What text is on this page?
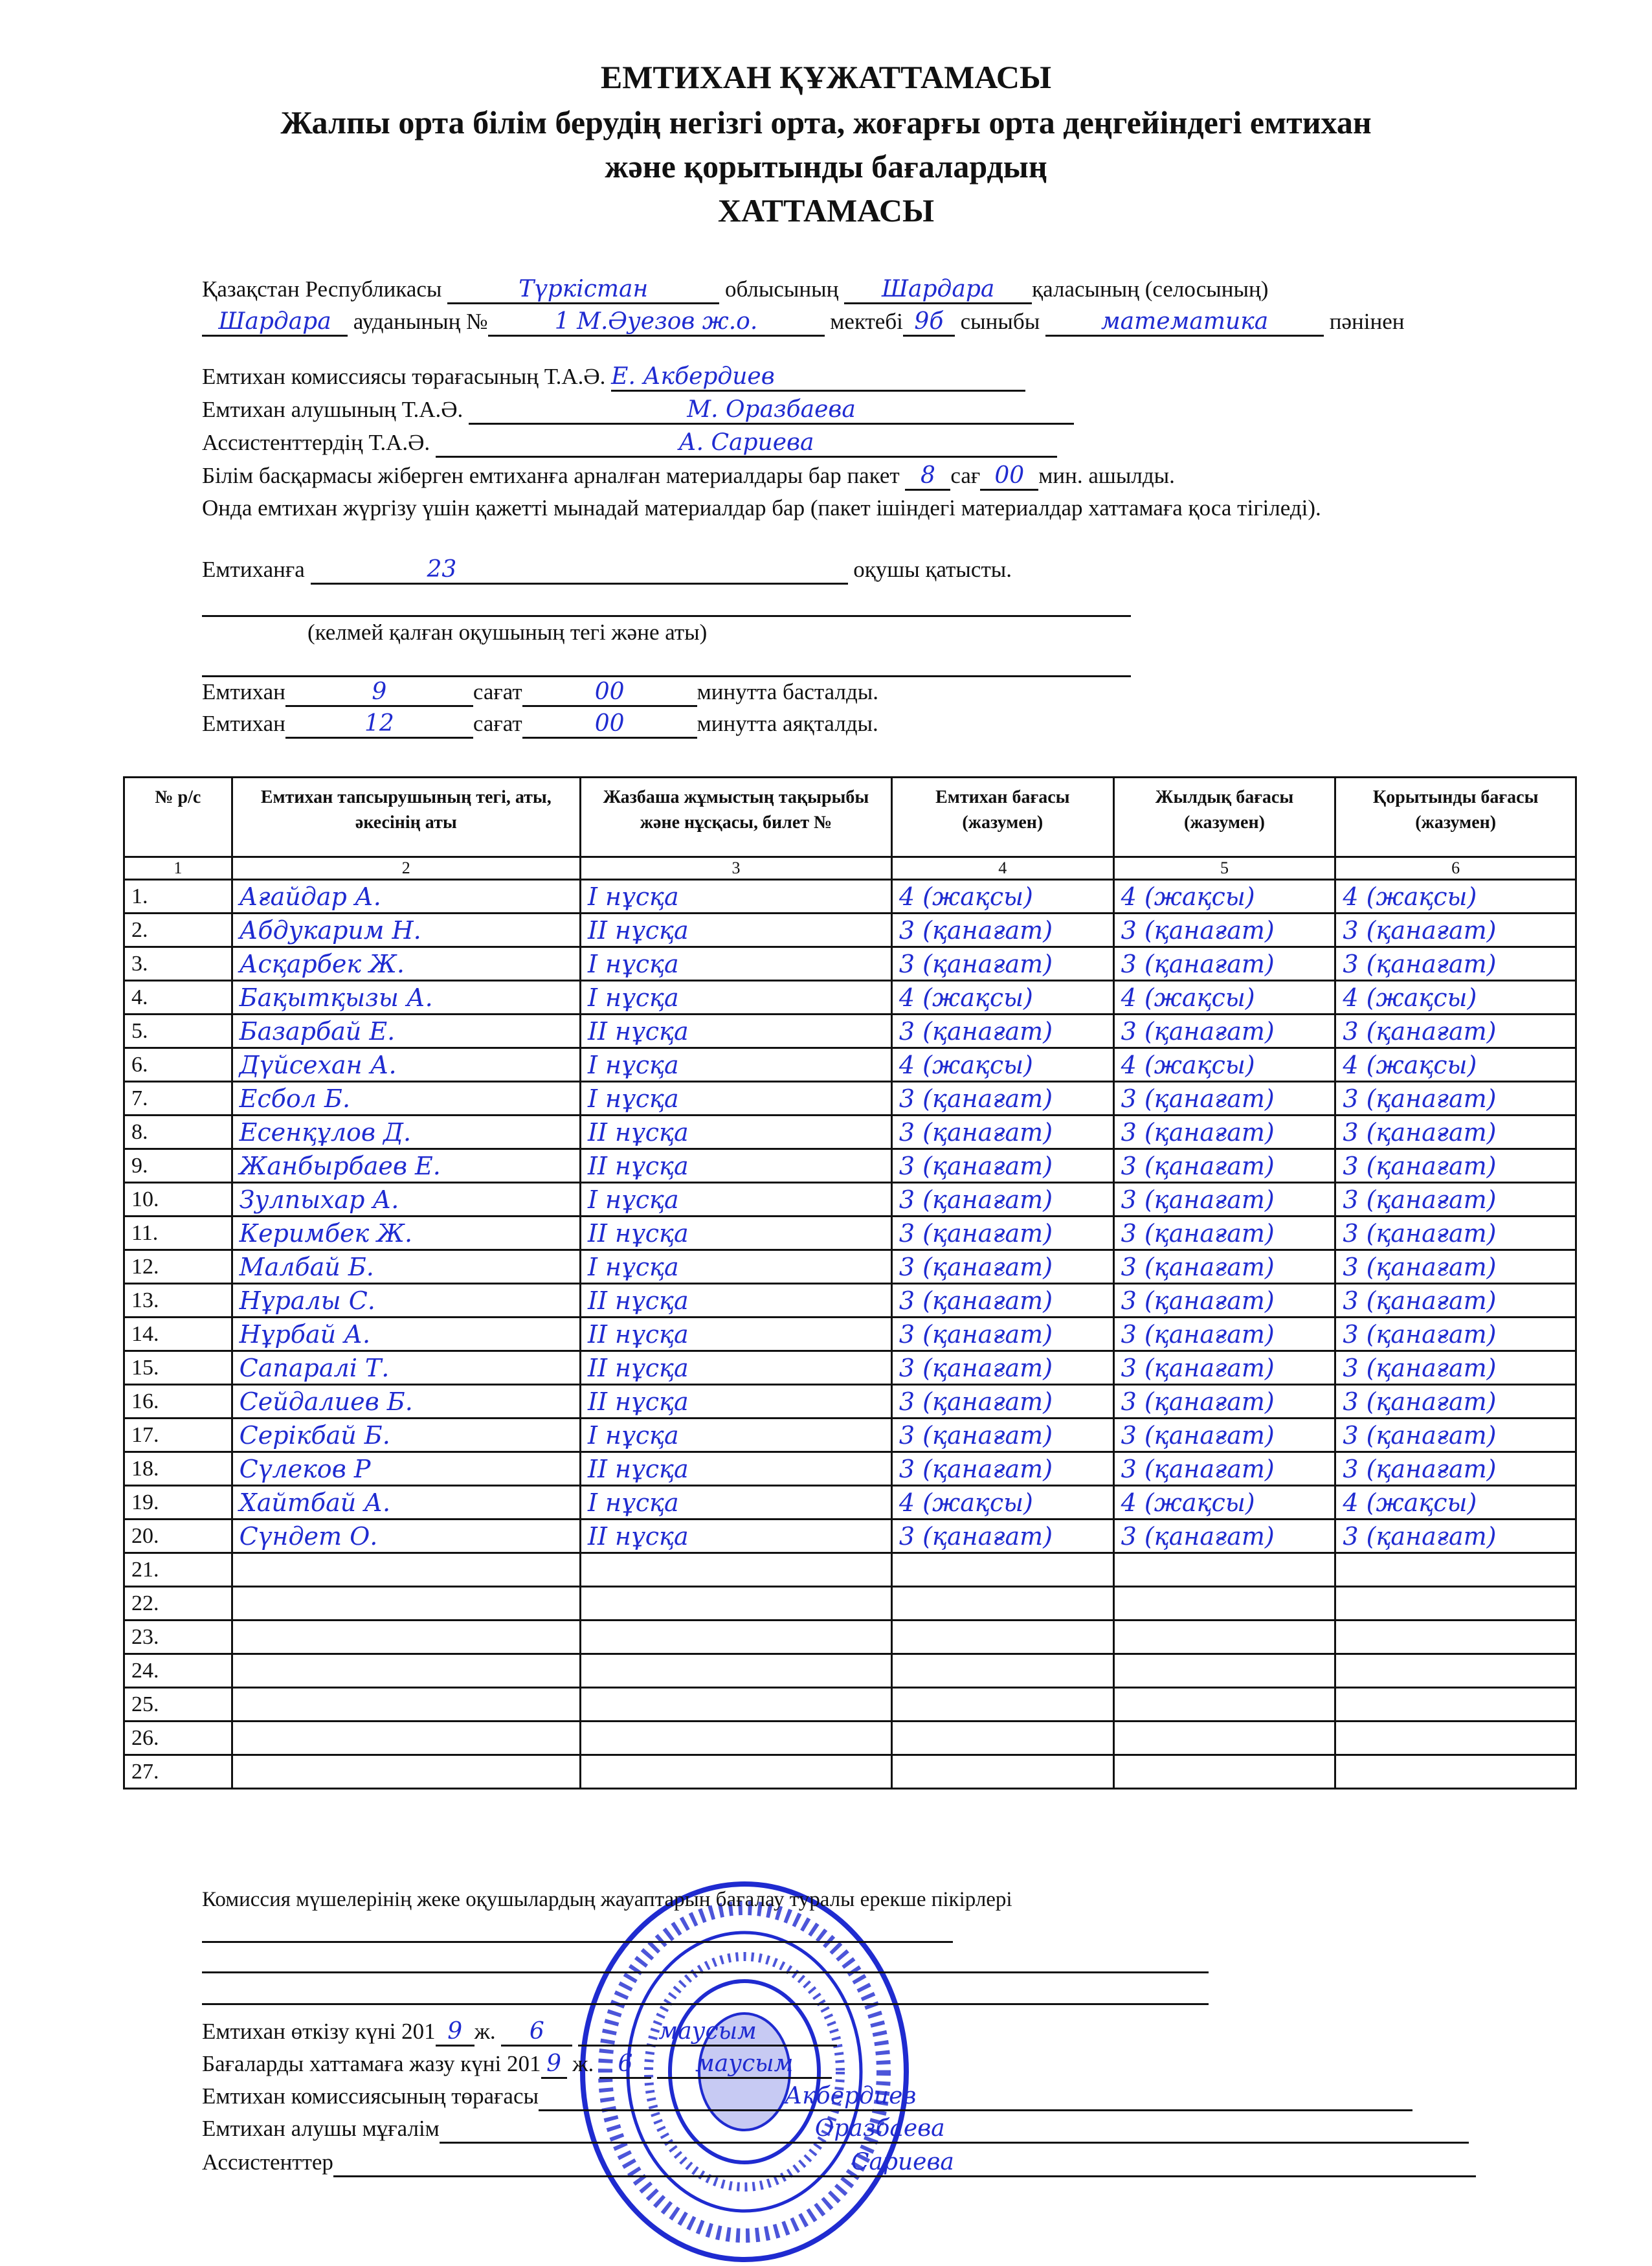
ЕМТИХАН ҚҰЖАТТАМАСЫ
Жалпы орта білім берудің негізгі орта, жоғарғы орта деңгейіндегі емтихан
және қорытынды бағалардың
ХАТТАМАСЫ
Қазақстан Республикасы	Түркістан	облысының Шардара қаласының (селосының)
Шардара ауданының №	1 М.Әуезов ж.о.	мектебі 9б сыныбы	математика	пәнінен
Емтихан комиссиясы төрағасының Т.А.Ә. Е. Акбердиев
Емтихан алушының Т.А.Ә.	М. Оразбаева
Ассистенттердің Т.А.Ә.	А. Сариева
Білім басқармасы жіберген емтиханға арналған материалдары бар пакет 8 сағ 00 мин. ашылды.
Онда емтихан жүргізу үшін қажетті мынадай материалдар бар (пакет ішіндегі материалдар хаттамаға қоса тігіледі).
Емтиханға	23	оқушы қатысты.
(келмей қалған оқушының тегі және аты)
Емтихан	9	сағат	00	минутта басталды.
Емтихан	12	сағат	00	минутта аяқталды.
№ р/с	Емтихан тапсырушының тегі, аты, әкесінің аты	Жазбаша жұмыстың тақырыбы және нұсқасы, билет №	Емтихан бағасы (жазумен)	Жылдық бағасы (жазумен)	Қорытынды бағасы (жазумен)
1	2	3	4	5	6
1.	Ағайдар А.	I нұсқа	4 (жақсы)	4 (жақсы)	4 (жақсы)
2.	Абдукарим Н.	II нұсқа	3 (қанағат)	3 (қанағат)	3 (қанағат)
3.	Асқарбек Ж.	I нұсқа	3 (қанағат)	3 (қанағат)	3 (қанағат)
4.	Бақытқызы А.	I нұсқа	4 (жақсы)	4 (жақсы)	4 (жақсы)
5.	Базарбай Е.	II нұсқа	3 (қанағат)	3 (қанағат)	3 (қанағат)
6.	Дүйсехан А.	I нұсқа	4 (жақсы)	4 (жақсы)	4 (жақсы)
7.	Есбол Б.	I нұсқа	3 (қанағат)	3 (қанағат)	3 (қанағат)
8.	Есенқұлов Д.	II нұсқа	3 (қанағат)	3 (қанағат)	3 (қанағат)
9.	Жанбырбаев Е.	II нұсқа	3 (қанағат)	3 (қанағат)	3 (қанағат)
10.	Зулпыхар А.	I нұсқа	3 (қанағат)	3 (қанағат)	3 (қанағат)
11.	Керимбек Ж.	II нұсқа	3 (қанағат)	3 (қанағат)	3 (қанағат)
12.	Малбай Б.	I нұсқа	3 (қанағат)	3 (қанағат)	3 (қанағат)
13.	Нұралы С.	II нұсқа	3 (қанағат)	3 (қанағат)	3 (қанағат)
14.	Нұрбай А.	II нұсқа	3 (қанағат)	3 (қанағат)	3 (қанағат)
15.	Сапаралі Т.	II нұсқа	3 (қанағат)	3 (қанағат)	3 (қанағат)
16.	Сейдалиев Б.	II нұсқа	3 (қанағат)	3 (қанағат)	3 (қанағат)
17.	Серікбай Б.	I нұсқа	3 (қанағат)	3 (қанағат)	3 (қанағат)
18.	Сүлеков Р	II нұсқа	3 (қанағат)	3 (қанағат)	3 (қанағат)
19.	Хайтбай А.	I нұсқа	4 (жақсы)	4 (жақсы)	4 (жақсы)
20.	Сүндет О.	II нұсқа	3 (қанағат)	3 (қанағат)	3 (қанағат)
21.					
22.					
23.					
24.					
25.					
26.					
27.					
Комиссия мүшелерінің жеке оқушылардың жауаптарын бағалау туралы ерекше пікірлері
Емтихан өткізу күні 201 9 ж. 6	маусым
Бағаларды хаттамаға жазу күні 201 9 ж. 6	маусым
Емтихан комиссиясының төрағасы	Акбердиев
Емтихан алушы мұғалім	Оразбаева
Ассистенттер	Сариева
